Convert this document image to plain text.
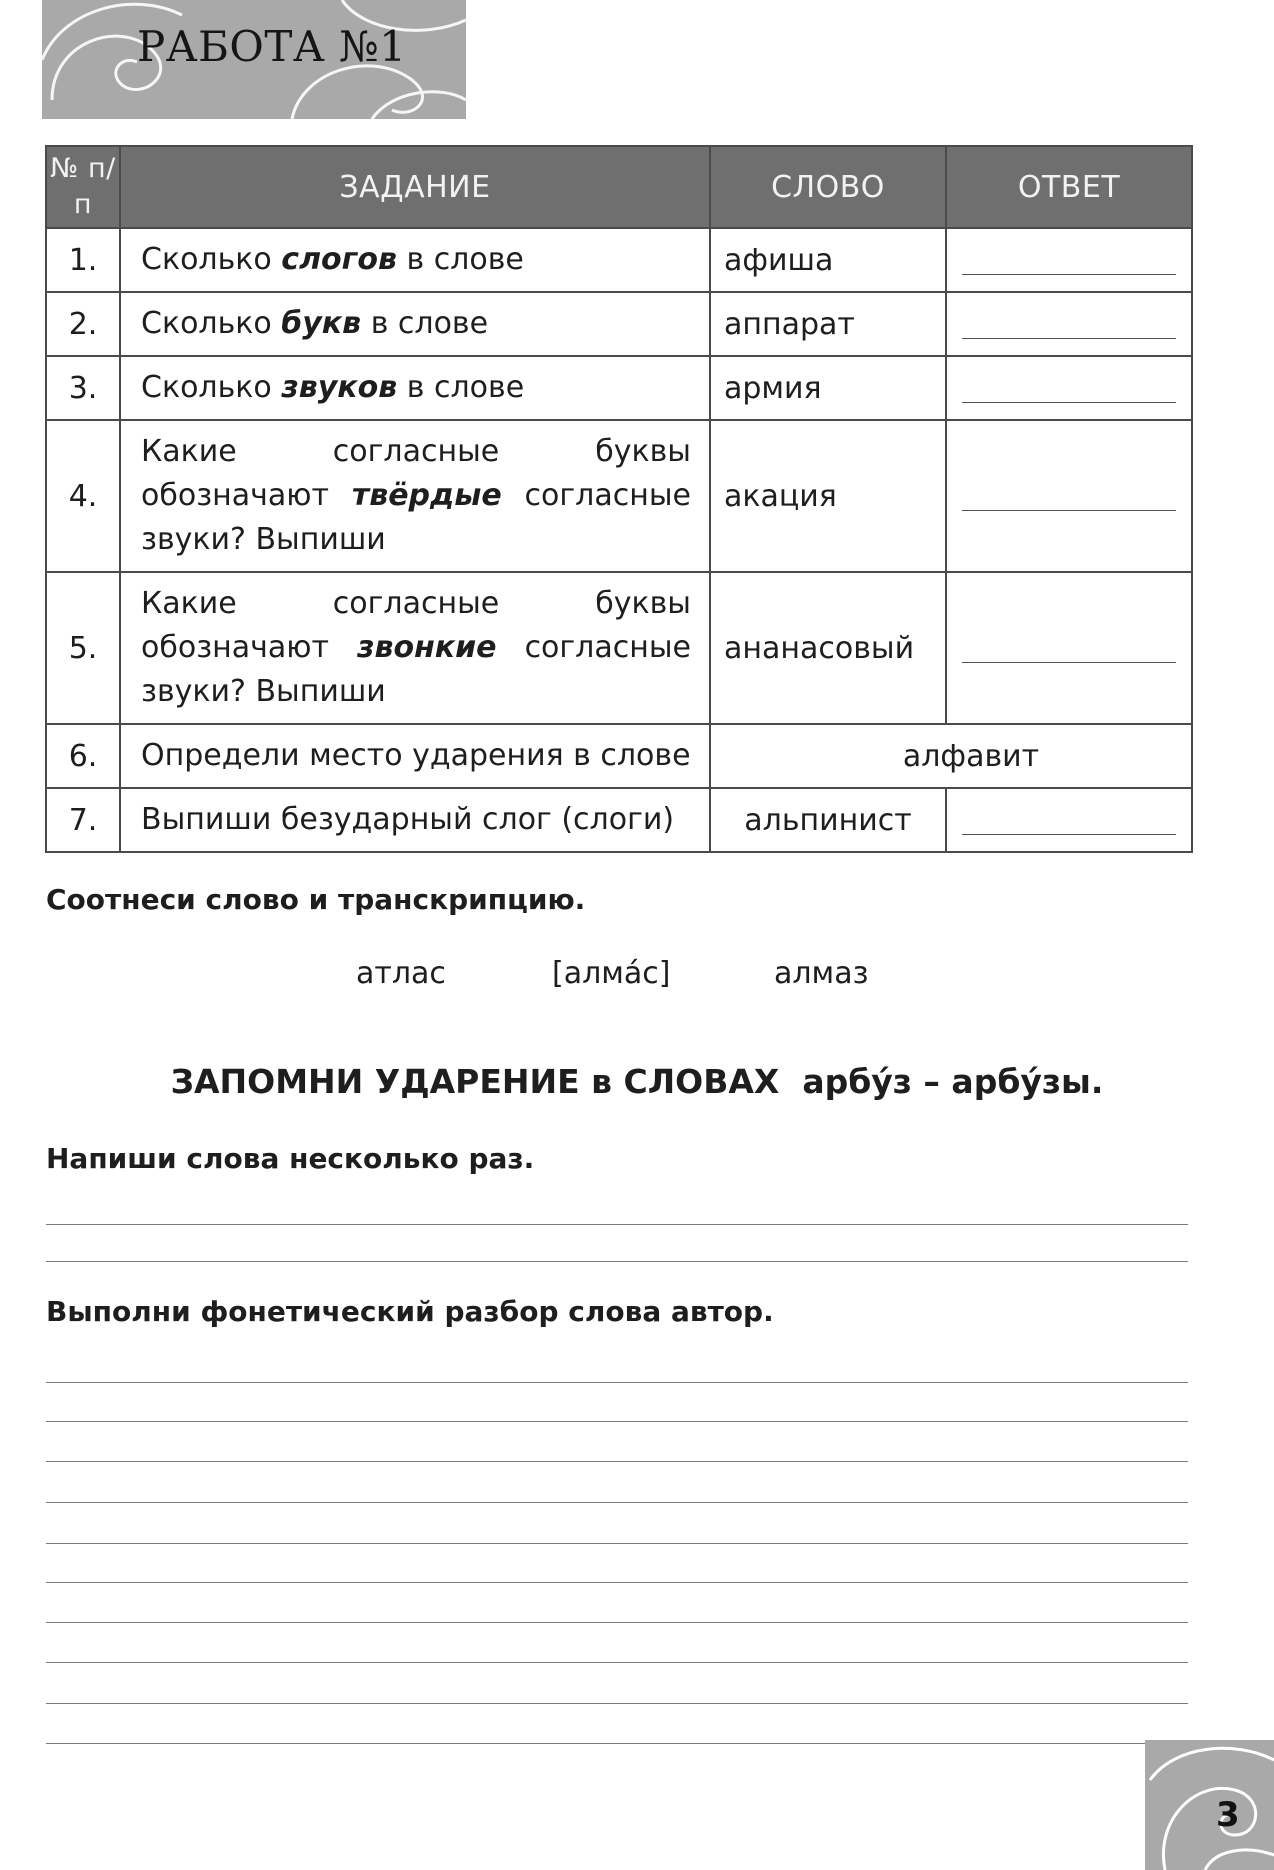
РАБОТА №1
№ п/п	ЗАДАНИЕ	СЛОВО	ОТВЕТ
1.	Сколько слогов в слове	афиша	

2.	Сколько букв в слове	аппарат	

3.	Сколько звуков в слове	армия	

4.	Какие согласные буквы обозначают твёрдые согласные звуки? Выпиши	акация	

5.	Какие согласные буквы обозначают звонкие согласные звуки? Выпиши	ананасовый	

6.	Определи место ударения в слове	алфавит	
7.	Выпиши безударный слог (слоги)	альпинист	
Соотнеси слово и транскрипцию.
атлас	[алмáс]	алмаз
ЗАПОМНИ УДАРЕНИЕ в СЛОВАХ арбýз – арбýзы.
Напиши слова несколько раз.
Выполни фонетический разбор слова автор.
3
